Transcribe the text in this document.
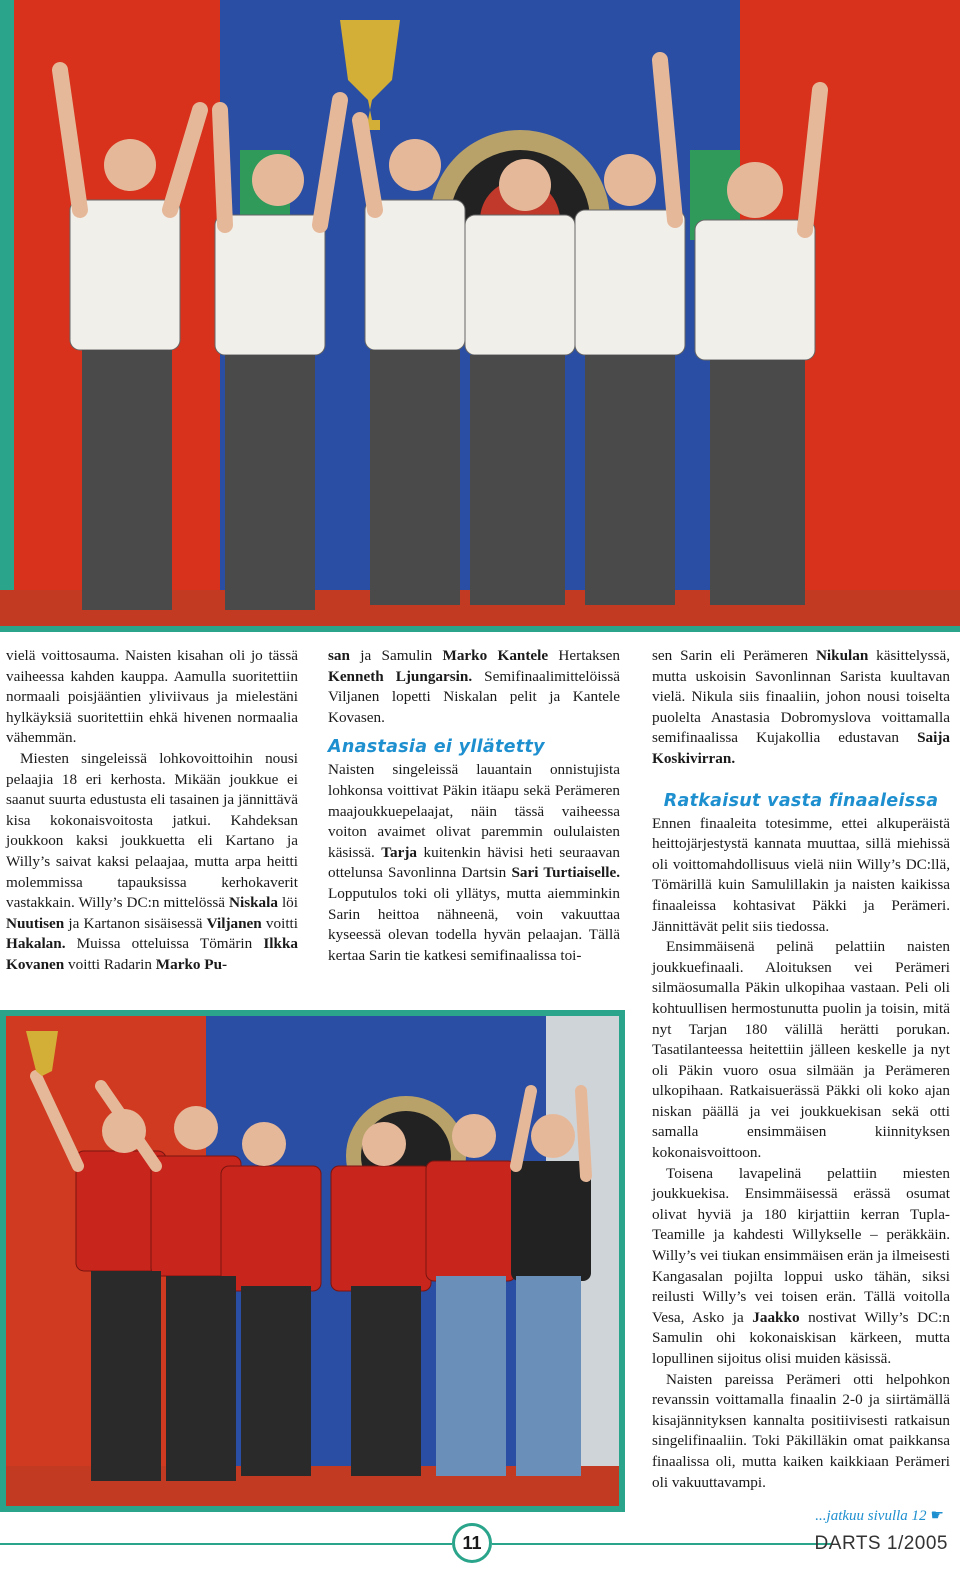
vielä voittosauma. Naisten kisahan oli jo tässä vaiheessa kahden kauppa. Aamulla suoritettiin normaali poisjääntien yliviivaus ja mielestäni hylkäyksiä suoritettiin ehkä hivenen normaalia vähemmän.

Miesten singeleissä lohkovoittoihin nousi pelaajia 18 eri kerhosta. Mikään joukkue ei saanut suurta edustusta eli tasainen ja jännittävä kisa kokonaisvoitosta jatkui. Kahdeksan joukkoon kaksi joukkuetta eli Kartano ja Willy’s saivat kaksi pelaajaa, mutta arpa heitti molemmissa tapauksissa kerhokaverit vastakkain. Willy’s DC:n mittelössä Niskala löi Nuutisen ja Kartanon sisäisessä Viljanen voitti Hakalan. Muissa otteluissa Tömärin Ilkka Kovanen voitti Radarin Marko Pu-

san ja Samulin Marko Kantele Hertaksen Kenneth Ljungarsin. Semifinaalimittelöissä Viljanen lopetti Niskalan pelit ja Kantele Kovasen.

Anastasia ei yllätetty

Naisten singeleissä lauantain onnistujista lohkonsa voittivat Päkin itäapu sekä Perämeren maajoukkuepelaajat, näin tässä vaiheessa voiton avaimet olivat paremmin oululaisten käsissä. Tarja kuitenkin hävisi heti seuraavan ottelunsa Savonlinna Dartsin Sari Turtiaiselle. Lopputulos toki oli yllätys, mutta aiemminkin Sarin heittoa nähneenä, voin vakuuttaa kyseessä olevan todella hyvän pelaajan. Tällä kertaa Sarin tie katkesi semifinaalissa toi-

sen Sarin eli Perämeren Nikulan käsittelyssä, mutta uskoisin Savonlinnan Sarista kuultavan vielä. Nikula siis finaaliin, johon nousi toiselta puolelta Anastasia Dobromyslova voittamalla semifinaalissa Kujakollia edustavan Saija Koskivirran.

Ratkaisut vasta finaaleissa

Ennen finaaleita totesimme, ettei alkuperäistä heittojärjestystä kannata muuttaa, sillä miehissä oli voittomahdollisuus vielä niin Willy’s DC:llä, Tömärillä kuin Samulillakin ja naisten kaikissa finaaleissa kohtasivat Päkki ja Perämeri. Jännittävät pelit siis tiedossa.

Ensimmäisenä pelinä pelattiin naisten joukkuefinaali. Aloituksen vei Perämeri silmäosumalla Päkin ulkopihaa vastaan. Peli oli kohtuullisen hermostunutta puolin ja toisin, mitä nyt Tarjan 180 välillä herätti porukan. Tasatilanteessa heitettiin jälleen keskelle ja nyt oli Päkin vuoro osua silmään ja Perämeren ulkopihaan. Ratkaisuerässä Päkki oli koko ajan niskan päällä ja vei joukkuekisan sekä otti samalla ensimmäisen kiinnityksen kokonaisvoittoon.

Toisena lavapelinä pelattiin miesten joukkuekisa. Ensimmäisessä erässä osumat olivat hyviä ja 180 kirjattiin kerran Tupla-Teamille ja kahdesti Willykselle – peräkkäin. Willy’s vei tiukan ensimmäisen erän ja ilmeisesti Kangasalan pojilta loppui usko tähän, siksi reilusti Willy’s vei toisen erän. Tällä voitolla Vesa, Asko ja Jaakko nostivat Willy’s DC:n Samulin ohi kokonaiskisan kärkeen, mutta lopullinen sijoitus olisi muiden käsissä.

Naisten pareissa Perämeri otti helpohkon revanssin voittamalla finaalin 2-0 ja siirtämällä kisajännityksen kannalta positiivisesti ratkaisun singelifinaaliin. Toki Päkilläkin omat paikkansa finaalissa oli, mutta kaiken kaikkiaan Perämeri oli vakuuttavampi.

...jatkuu sivulla 12 ☛
11	DARTS 1/2005
